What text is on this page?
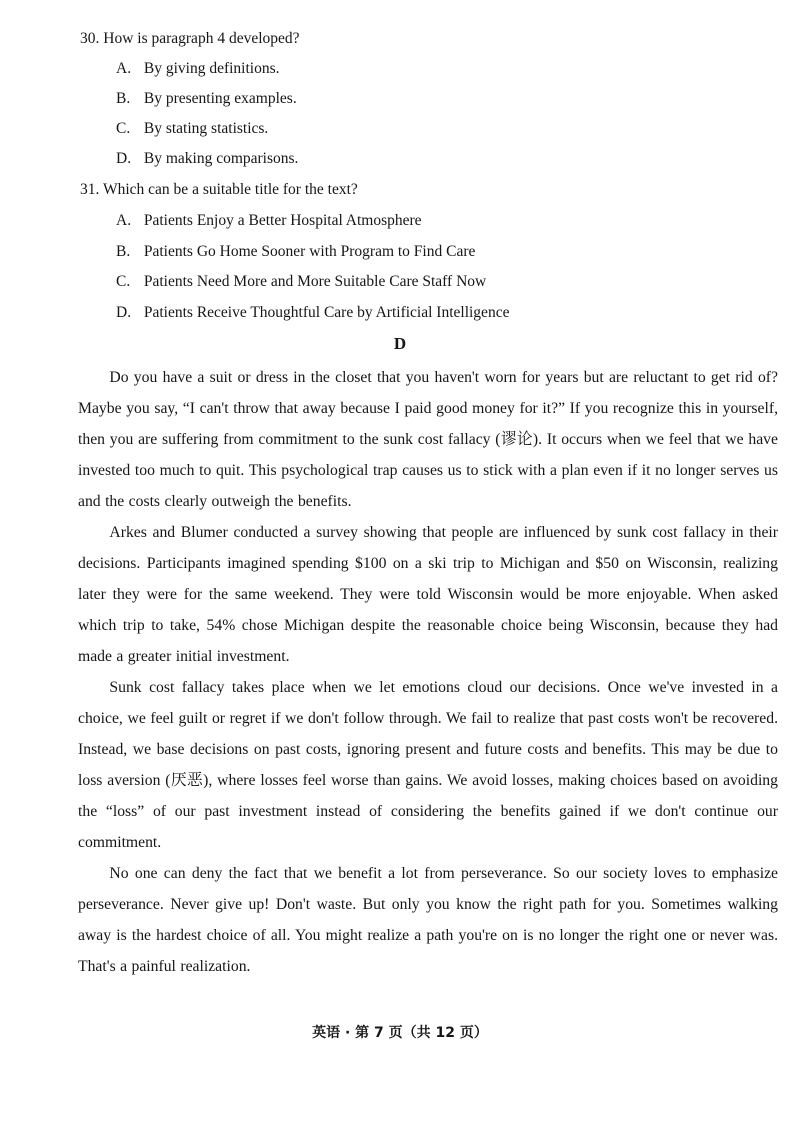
30. How is paragraph 4 developed?
A. By giving definitions.
B. By presenting examples.
C. By stating statistics.
D. By making comparisons.
31. Which can be a suitable title for the text?
A. Patients Enjoy a Better Hospital Atmosphere
B. Patients Go Home Sooner with Program to Find Care
C. Patients Need More and More Suitable Care Staff Now
D. Patients Receive Thoughtful Care by Artificial Intelligence
D

Do you have a suit or dress in the closet that you haven't worn for years but are reluctant to get rid of? Maybe you say, “I can't throw that away because I paid good money for it?” If you recognize this in yourself, then you are suffering from commitment to the sunk cost fallacy (谬论). It occurs when we feel that we have invested too much to quit. This psychological trap causes us to stick with a plan even if it no longer serves us and the costs clearly outweigh the benefits.

Arkes and Blumer conducted a survey showing that people are influenced by sunk cost fallacy in their decisions. Participants imagined spending $100 on a ski trip to Michigan and $50 on Wisconsin, realizing later they were for the same weekend. They were told Wisconsin would be more enjoyable. When asked which trip to take, 54% chose Michigan despite the reasonable choice being Wisconsin, because they had made a greater initial investment.

Sunk cost fallacy takes place when we let emotions cloud our decisions. Once we've invested in a choice, we feel guilt or regret if we don't follow through. We fail to realize that past costs won't be recovered. Instead, we base decisions on past costs, ignoring present and future costs and benefits. This may be due to loss aversion (厌恶), where losses feel worse than gains. We avoid losses, making choices based on avoiding the “loss” of our past investment instead of considering the benefits gained if we don't continue our commitment.

No one can deny the fact that we benefit a lot from perseverance. So our society loves to emphasize perseverance. Never give up! Don't waste. But only you know the right path for you. Sometimes walking away is the hardest choice of all. You might realize a path you're on is no longer the right one or never was. That's a painful realization.

英语 · 第 7 页（共 12 页）
